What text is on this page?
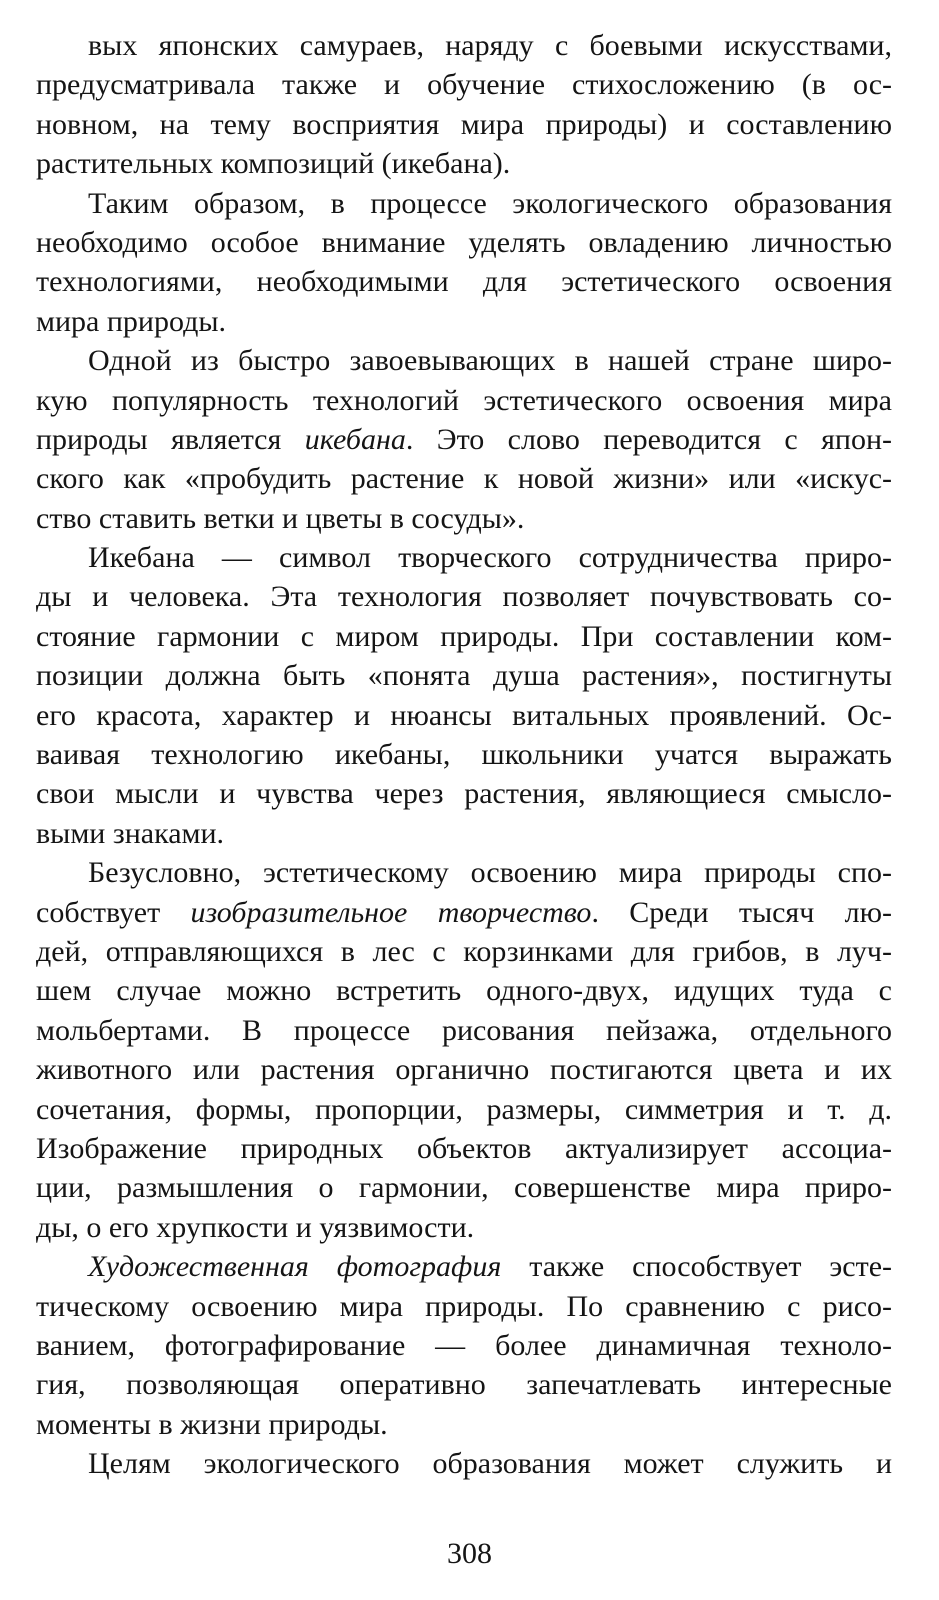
вых японских самураев, наряду с боевыми искусствами,
предусматривала также и обучение стихосложению (в ос-
новном, на тему восприятия мира природы) и составлению
растительных композиций (икебана).
Таким образом, в процессе экологического образования
необходимо особое внимание уделять овладению личностью
технологиями, необходимыми для эстетического освоения
мира природы.
Одной из быстро завоевывающих в нашей стране широ-
кую популярность технологий эстетического освоения мира
природы является икебана. Это слово переводится с япон-
ского как «пробудить растение к новой жизни» или «искус-
ство ставить ветки и цветы в сосуды».
Икебана — символ творческого сотрудничества приро-
ды и человека. Эта технология позволяет почувствовать со-
стояние гармонии с миром природы. При составлении ком-
позиции должна быть «понята душа растения», постигнуты
его красота, характер и нюансы витальных проявлений. Ос-
ваивая технологию икебаны, школьники учатся выражать
свои мысли и чувства через растения, являющиеся смысло-
выми знаками.
Безусловно, эстетическому освоению мира природы спо-
собствует изобразительное творчество. Среди тысяч лю-
дей, отправляющихся в лес с корзинками для грибов, в луч-
шем случае можно встретить одного-двух, идущих туда с
мольбертами. В процессе рисования пейзажа, отдельного
животного или растения органично постигаются цвета и их
сочетания, формы, пропорции, размеры, симметрия и т. д.
Изображение природных объектов актуализирует ассоциа-
ции, размышления о гармонии, совершенстве мира приро-
ды, о его хрупкости и уязвимости.
Художественная фотография также способствует эсте-
тическому освоению мира природы. По сравнению с рисо-
ванием, фотографирование — более динамичная техноло-
гия, позволяющая оперативно запечатлевать интересные
моменты в жизни природы.
Целям экологического образования может служить и
308
